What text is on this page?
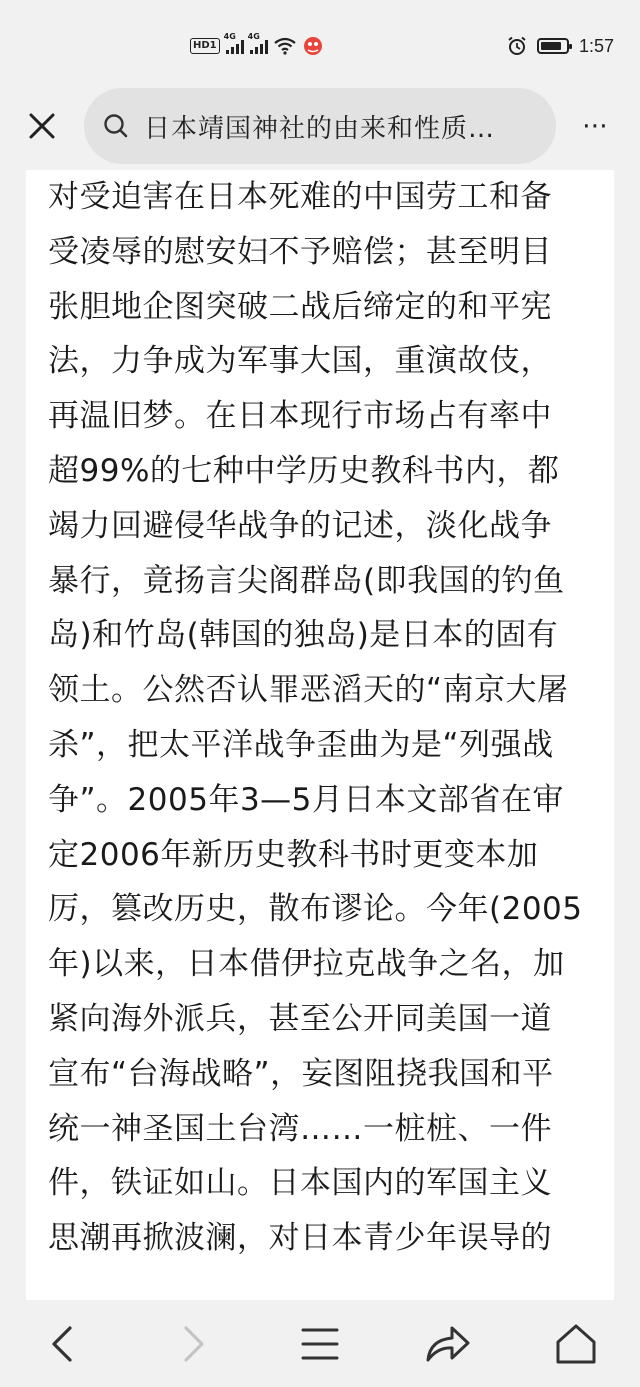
HD1
4G 4G	1:57
日本靖国神社的由来和性质…	⋯

对受迫害在日本死难的中国劳工和备

受凌辱的慰安妇不予赔偿；甚至明目

张胆地企图突破二战后缔定的和平宪

法，力争成为军事大国，重演故伎，

再温旧梦。在日本现行市场占有率中

超99%的七种中学历史教科书内，都

竭力回避侵华战争的记述，淡化战争

暴行，竟扬言尖阁群岛(即我国的钓鱼

岛)和竹岛(韩国的独岛)是日本的固有

领土。公然否认罪恶滔天的“南京大屠

杀”，把太平洋战争歪曲为是“列强战

争”。2005年3—5月日本文部省在审

定2006年新历史教科书时更变本加

厉，篡改历史，散布谬论。今年(2005

年)以来，日本借伊拉克战争之名，加

紧向海外派兵，甚至公开同美国一道

宣布“台海战略”，妄图阻挠我国和平

统一神圣国土台湾……一桩桩、一件

件，铁证如山。日本国内的军国主义

思潮再掀波澜，对日本青少年误导的
